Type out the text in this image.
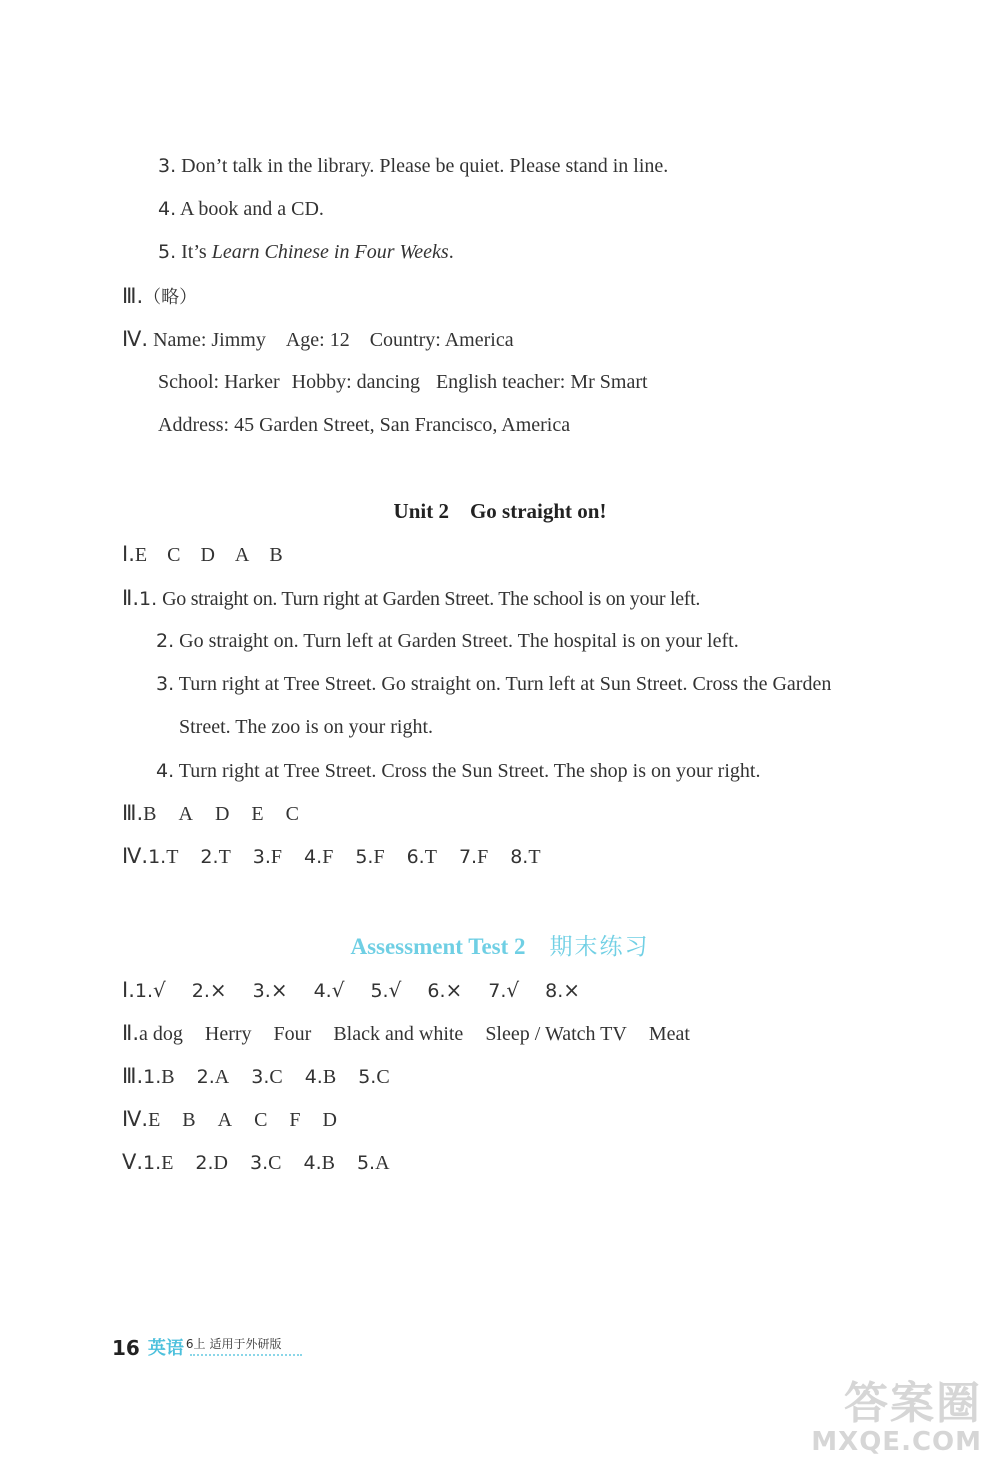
3. Don’t talk in the library. Please be quiet. Please stand in line.
4. A book and a CD.
5. It’s Learn Chinese in Four Weeks.
Ⅲ.（略）
Ⅳ. Name: Jimmy Age: 12 Country: America
School: Harker Hobby: dancing English teacher: Mr Smart
Address: 45 Garden Street, San Francisco, America
Unit 2    Go straight on!
Ⅰ.E C D A B
Ⅱ.1. Go straight on. Turn right at Garden Street. The school is on your left.
2. Go straight on. Turn left at Garden Street. The hospital is on your left.
3. Turn right at Tree Street. Go straight on. Turn left at Sun Street. Cross the Garden
Street. The zoo is on your right.
4. Turn right at Tree Street. Cross the Sun Street. The shop is on your right.
Ⅲ.B A D E C
Ⅳ.1.T 2.T 3.F 4.F 5.F 6.T 7.F 8.T
Assessment Test 2 期末练习
Ⅰ.1.√ 2.× 3.× 4.√ 5.√ 6.× 7.√ 8.×
Ⅱ.a dog Herry Four Black and white Sleep / Watch TV Meat
Ⅲ.1.B 2.A 3.C 4.B 5.C
Ⅳ.E B A C F D
Ⅴ.1.E 2.D 3.C 4.B 5.A
16 英语 6上 适用于外研版
答案圈
MXQE.COM
